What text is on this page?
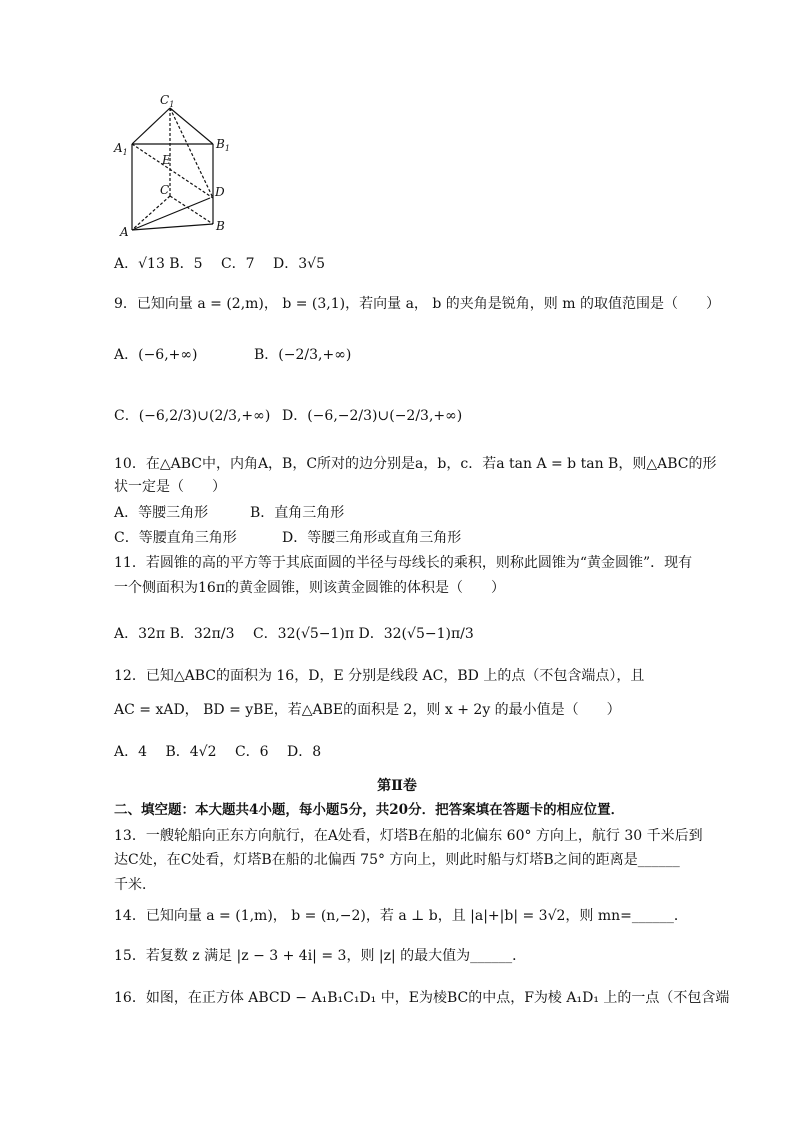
$C_1$
$A_1$
$B_1$
E
C	D
A	B
A．√13 B．5　 C．7　 D．3√5
9．已知向量 a = (2,m)， b = (3,1)，若向量 a， b 的夹角是锐角，则 m 的取值范围是（　　）
A．(−6,+∞)	B．(−2/3,+∞)
C．(−6,2/3)∪(2/3,+∞) D．(−6,−2/3)∪(−2/3,+∞)
10．在△ABC中，内角A，B，C所对的边分别是a，b，c．若a tan A = b tan B，则△ABC的形
状一定是（　　）
A．等腰三角形	B．直角三角形
C．等腰直角三角形	D．等腰三角形或直角三角形
11．若圆锥的高的平方等于其底面圆的半径与母线长的乘积，则称此圆锥为“黄金圆锥”．现有
一个侧面积为16π的黄金圆锥，则该黄金圆锥的体积是（　　）
A．32π B．32π/3　 C．32(√5−1)π D．32(√5−1)π/3
12．已知△ABC的面积为 16，D，E 分别是线段 AC，BD 上的点（不包含端点），且
AC = xAD， BD = yBE，若△ABE的面积是 2，则 x + 2y 的最小值是（　　）
A．4　 B．4√2　 C．6　 D．8
第Ⅱ卷
二、填空题：本大题共4小题，每小题5分，共20分．把答案填在答题卡的相应位置．
13．一艘轮船向正东方向航行，在A处看，灯塔B在船的北偏东 60° 方向上，航行 30 千米后到
达C处，在C处看，灯塔B在船的北偏西 75° 方向上，则此时船与灯塔B之间的距离是______
千米．
14．已知向量 a = (1,m)， b = (n,−2)，若 a ⊥ b，且 |a|+|b| = 3√2，则 mn=______．
15．若复数 z 满足 |z − 3 + 4i| = 3，则 |z| 的最大值为______．
16．如图，在正方体 ABCD − A₁B₁C₁D₁ 中，E为棱BC的中点，F为棱 A₁D₁ 上的一点（不包含端
